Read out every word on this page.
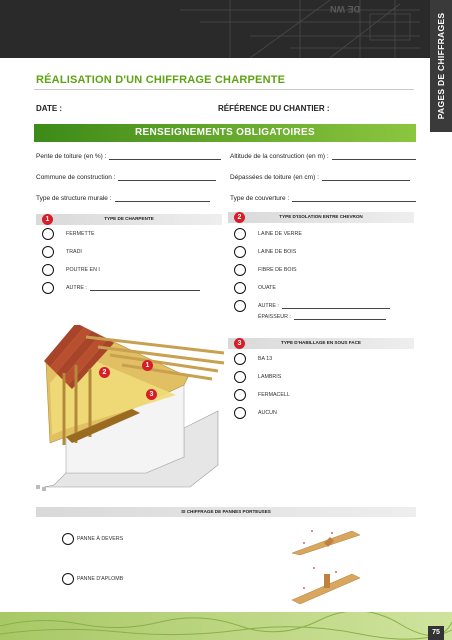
DE WN
PAGES DE CHIFFRAGES
RÉALISATION D'UN CHIFFRAGE CHARPENTE
DATE :	RÉFÉRENCE DU CHANTIER :
RENSEIGNEMENTS OBLIGATOIRES
Pente de toiture (en %) :	Altitude de la construction (en m) :
Commune de construction :	Dépassées de toiture (en cm) :
Type de structure murale :	Type de couverture :
TYPE DE CHARPENTE
1
FERMETTE
TRADI
POUTRE EN I
AUTRE :
TYPE D'ISOLATION ENTRE CHEVRON
2
LAINE DE VERRE
LAINE DE BOIS
FIBRE DE BOIS
OUATE
AUTRE :
ÉPAISSEUR :
TYPE D'HABILLAGE EN SOUS FACE
3
BA 13
LAMBRIS
FERMACELL
AUCUN
1
2
3
SI CHIFFRAGE DE PANNES PORTEUSES
PANNE À DEVERS
PANNE D'APLOMB
75
